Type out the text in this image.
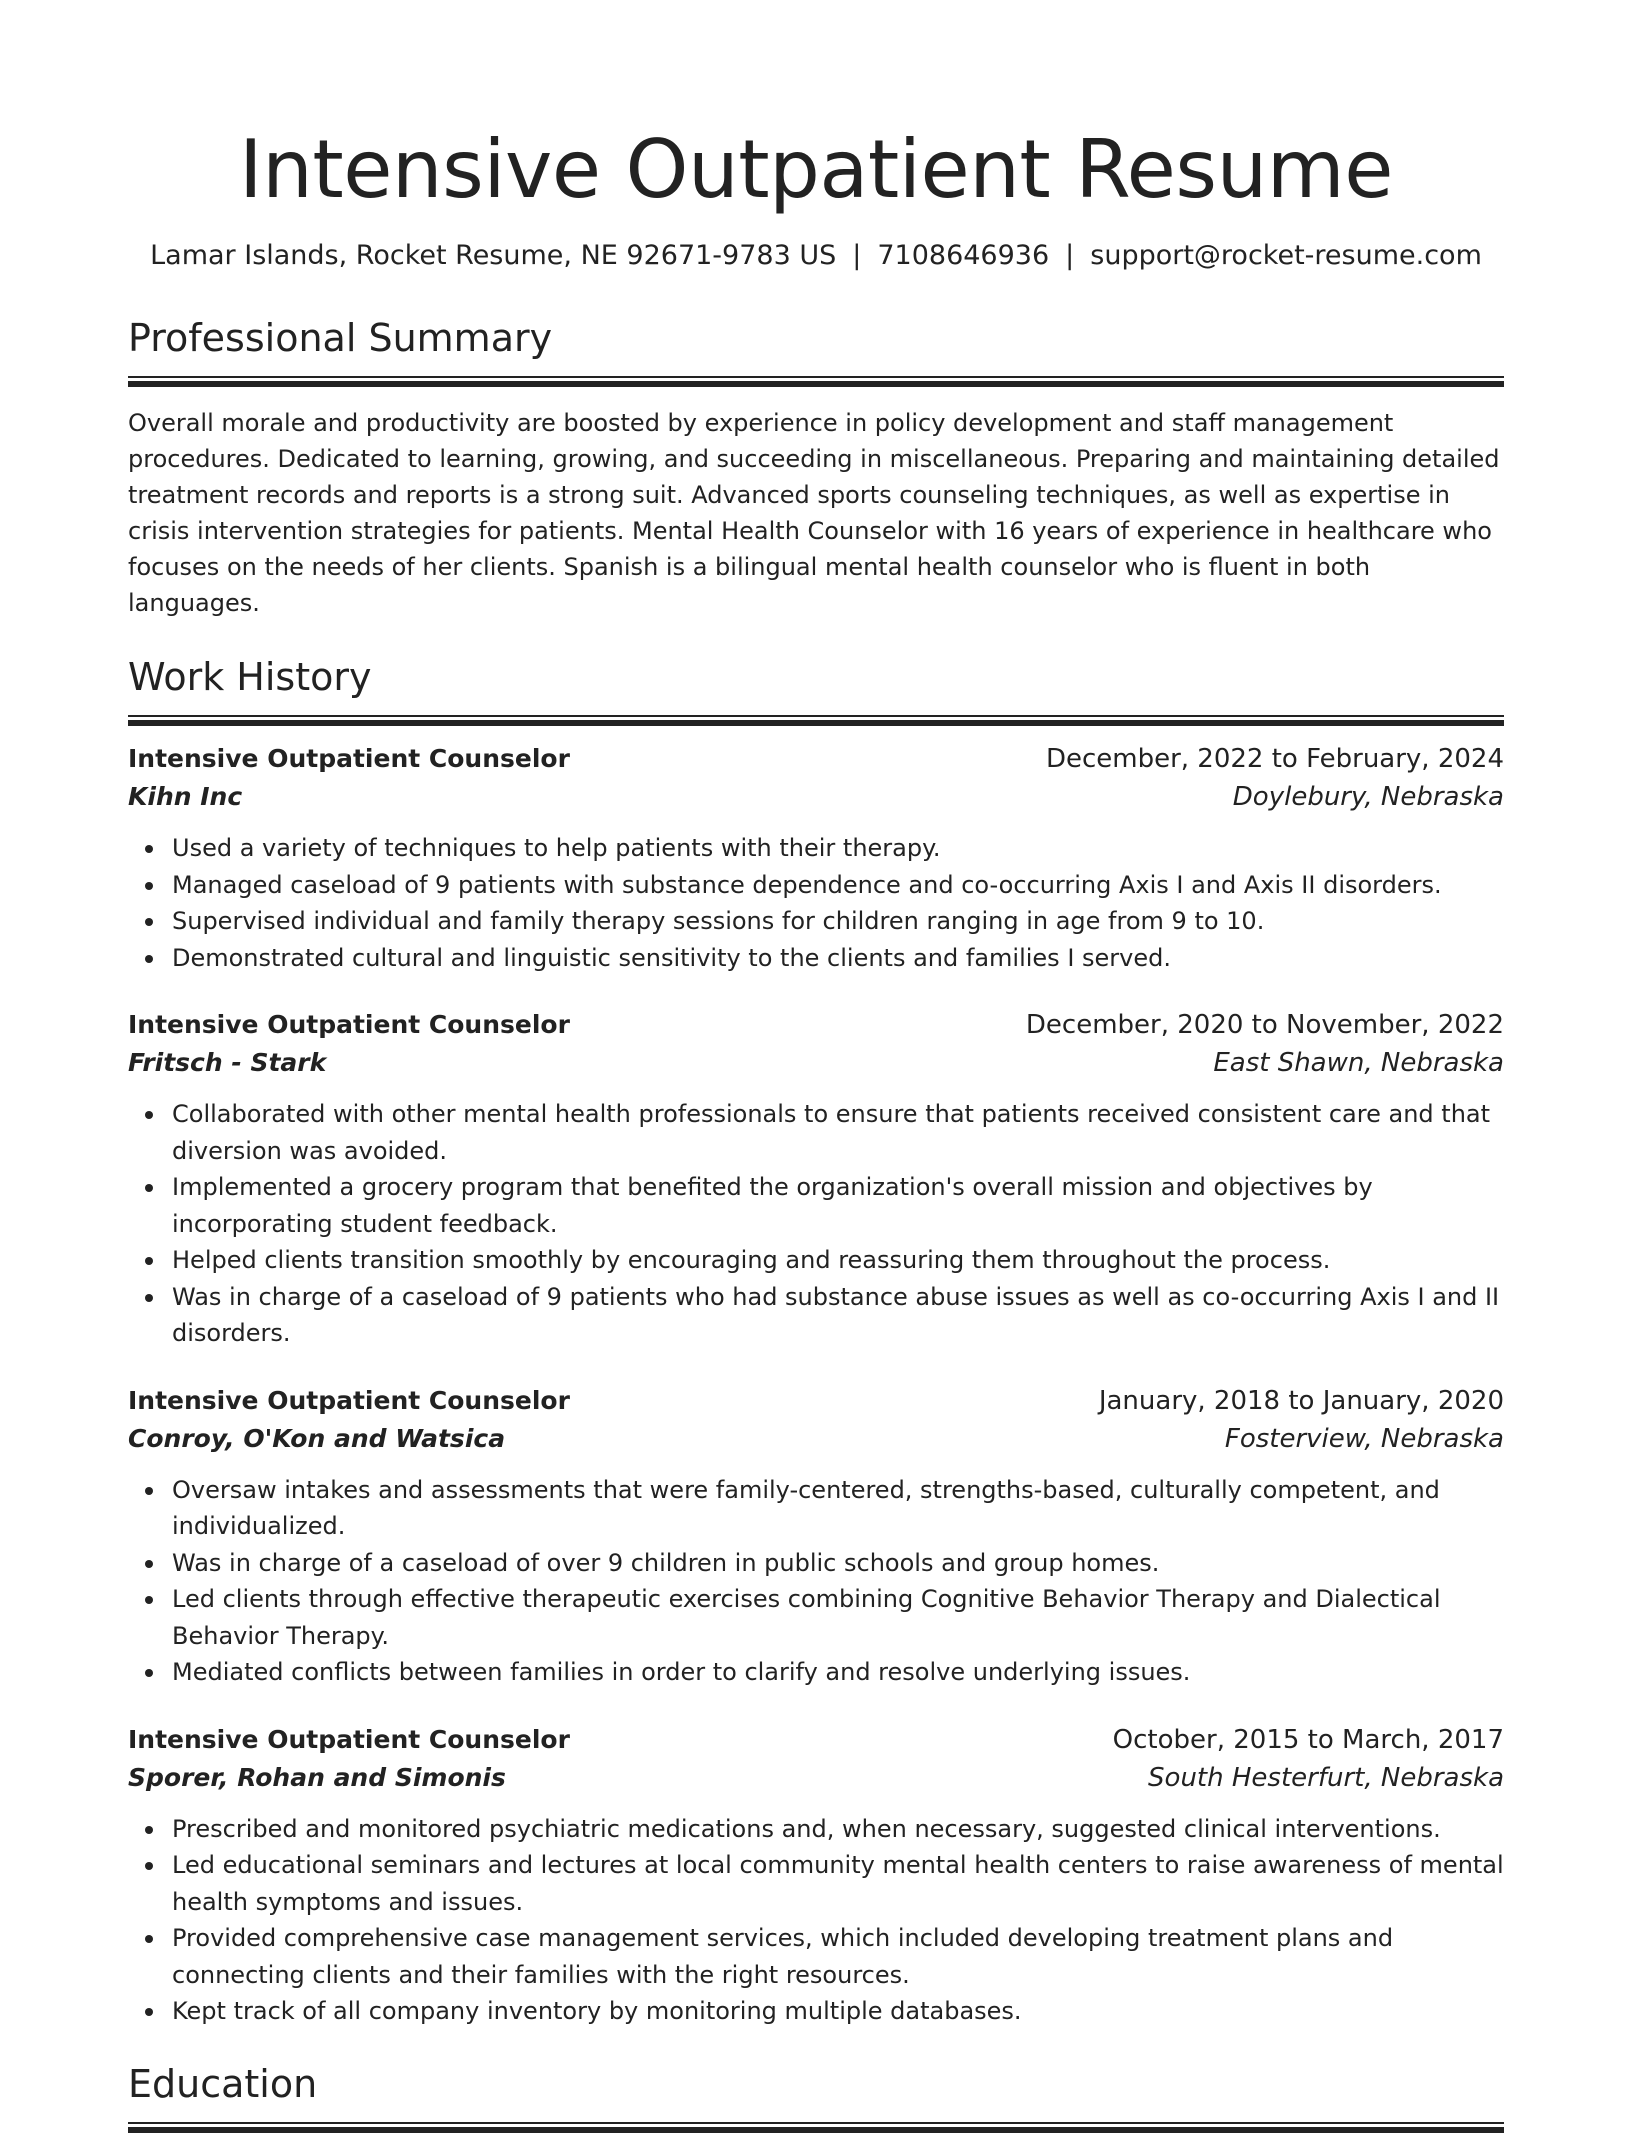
Intensive Outpatient Resume
Lamar Islands, Rocket Resume, NE 92671-9783 US | 7108646936 | support@rocket-resume.com
Professional Summary

Overall morale and productivity are boosted by experience in policy development and staff management procedures. Dedicated to learning, growing, and succeeding in miscellaneous. Preparing and maintaining detailed treatment records and reports is a strong suit. Advanced sports counseling techniques, as well as expertise in crisis intervention strategies for patients. Mental Health Counselor with 16 years of experience in healthcare who focuses on the needs of her clients. Spanish is a bilingual mental health counselor who is fluent in both languages.

Work History
Intensive Outpatient Counselor	December, 2022 to February, 2024
Kihn Inc	Doylebury, Nebraska
Used a variety of techniques to help patients with their therapy.
Managed caseload of 9 patients with substance dependence and co-occurring Axis I and Axis II disorders.
Supervised individual and family therapy sessions for children ranging in age from 9 to 10.
Demonstrated cultural and linguistic sensitivity to the clients and families I served.
Intensive Outpatient Counselor	December, 2020 to November, 2022
Fritsch - Stark	East Shawn, Nebraska
Collaborated with other mental health professionals to ensure that patients received consistent care and that diversion was avoided.
Implemented a grocery program that benefited the organization's overall mission and objectives by incorporating student feedback.
Helped clients transition smoothly by encouraging and reassuring them throughout the process.
Was in charge of a caseload of 9 patients who had substance abuse issues as well as co-occurring Axis I and II disorders.
Intensive Outpatient Counselor	January, 2018 to January, 2020
Conroy, O'Kon and Watsica	Fosterview, Nebraska
Oversaw intakes and assessments that were family-centered, strengths-based, culturally competent, and individualized.
Was in charge of a caseload of over 9 children in public schools and group homes.
Led clients through effective therapeutic exercises combining Cognitive Behavior Therapy and Dialectical Behavior Therapy.
Mediated conflicts between families in order to clarify and resolve underlying issues.
Intensive Outpatient Counselor	October, 2015 to March, 2017
Sporer, Rohan and Simonis	South Hesterfurt, Nebraska
Prescribed and monitored psychiatric medications and, when necessary, suggested clinical interventions.
Led educational seminars and lectures at local community mental health centers to raise awareness of mental health symptoms and issues.
Provided comprehensive case management services, which included developing treatment plans and connecting clients and their families with the right resources.
Kept track of all company inventory by monitoring multiple databases.
Education
